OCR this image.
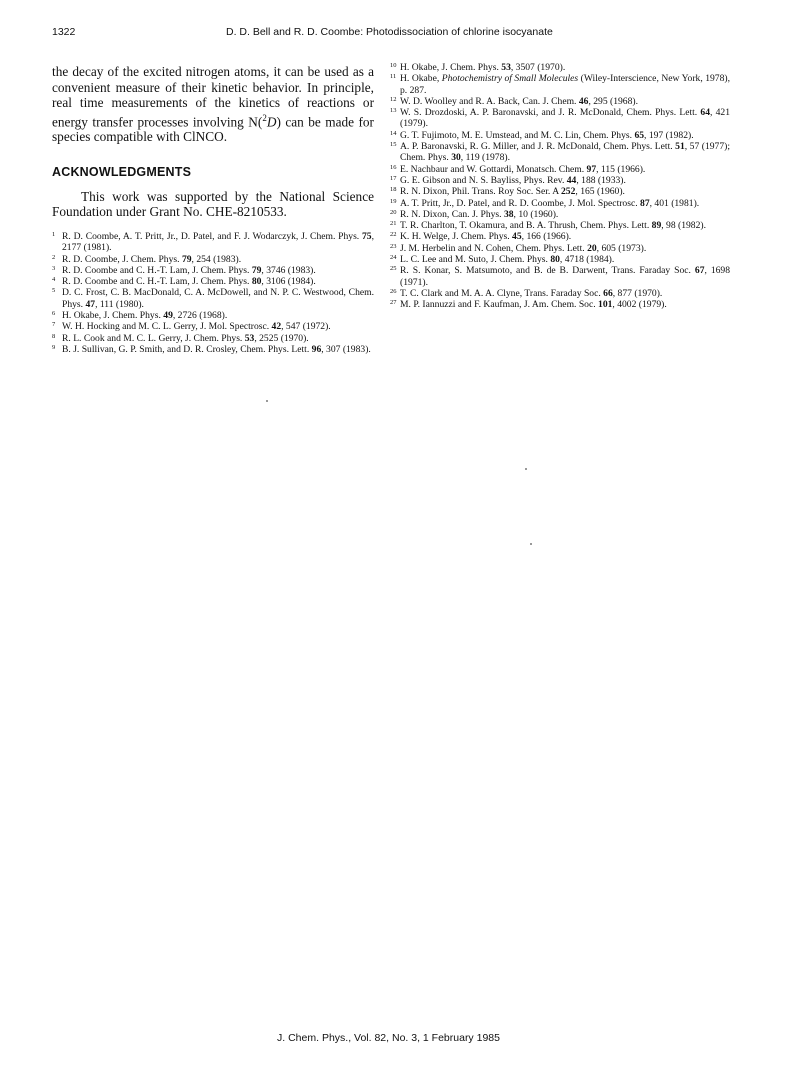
1322	D. D. Bell and R. D. Coombe: Photodissociation of chlorine isocyanate

the decay of the excited nitrogen atoms, it can be used as a convenient measure of their kinetic behavior. In principle, real time measurements of the kinetics of reactions or energy transfer processes involving N($^2$D) can be made for species compatible with ClNCO.

ACKNOWLEDGMENTS

This work was supported by the National Science Foundation under Grant No. CHE-8210533.

$^1$ R. D. Coombe, A. T. Pritt, Jr., D. Patel, and F. J. Wodarczyk, J. Chem. Phys. 75, 2177 (1981).

$^2$ R. D. Coombe, J. Chem. Phys. 79, 254 (1983).

$^3$ R. D. Coombe and C. H.-T. Lam, J. Chem. Phys. 79, 3746 (1983).

$^4$ R. D. Coombe and C. H.-T. Lam, J. Chem. Phys. 80, 3106 (1984).

$^5$ D. C. Frost, C. B. MacDonald, C. A. McDowell, and N. P. C. Westwood, Chem. Phys. 47, 111 (1980).

$^6$ H. Okabe, J. Chem. Phys. 49, 2726 (1968).

$^7$ W. H. Hocking and M. C. L. Gerry, J. Mol. Spectrosc. 42, 547 (1972).

$^8$ R. L. Cook and M. C. L. Gerry, J. Chem. Phys. 53, 2525 (1970).

$^9$ B. J. Sullivan, G. P. Smith, and D. R. Crosley, Chem. Phys. Lett. 96, 307 (1983).

$^{10}$ H. Okabe, J. Chem. Phys. 53, 3507 (1970).

$^{11}$ H. Okabe, Photochemistry of Small Molecules (Wiley-Interscience, New York, 1978), p. 287.

$^{12}$ W. D. Woolley and R. A. Back, Can. J. Chem. 46, 295 (1968).

$^{13}$ W. S. Drozdoski, A. P. Baronavski, and J. R. McDonald, Chem. Phys. Lett. 64, 421 (1979).

$^{14}$ G. T. Fujimoto, M. E. Umstead, and M. C. Lin, Chem. Phys. 65, 197 (1982).

$^{15}$ A. P. Baronavski, R. G. Miller, and J. R. McDonald, Chem. Phys. Lett. 51, 57 (1977); Chem. Phys. 30, 119 (1978).

$^{16}$ E. Nachbaur and W. Gottardi, Monatsch. Chem. 97, 115 (1966).

$^{17}$ G. E. Gibson and N. S. Bayliss, Phys. Rev. 44, 188 (1933).

$^{18}$ R. N. Dixon, Phil. Trans. Roy Soc. Ser. A 252, 165 (1960).

$^{19}$ A. T. Pritt, Jr., D. Patel, and R. D. Coombe, J. Mol. Spectrosc. 87, 401 (1981).

$^{20}$ R. N. Dixon, Can. J. Phys. 38, 10 (1960).

$^{21}$ T. R. Charlton, T. Okamura, and B. A. Thrush, Chem. Phys. Lett. 89, 98 (1982).

$^{22}$ K. H. Welge, J. Chem. Phys. 45, 166 (1966).

$^{23}$ J. M. Herbelin and N. Cohen, Chem. Phys. Lett. 20, 605 (1973).

$^{24}$ L. C. Lee and M. Suto, J. Chem. Phys. 80, 4718 (1984).

$^{25}$ R. S. Konar, S. Matsumoto, and B. de B. Darwent, Trans. Faraday Soc. 67, 1698 (1971).

$^{26}$ T. C. Clark and M. A. A. Clyne, Trans. Faraday Soc. 66, 877 (1970).

$^{27}$ M. P. Iannuzzi and F. Kaufman, J. Am. Chem. Soc. 101, 4002 (1979).

J. Chem. Phys., Vol. 82, No. 3, 1 February 1985
